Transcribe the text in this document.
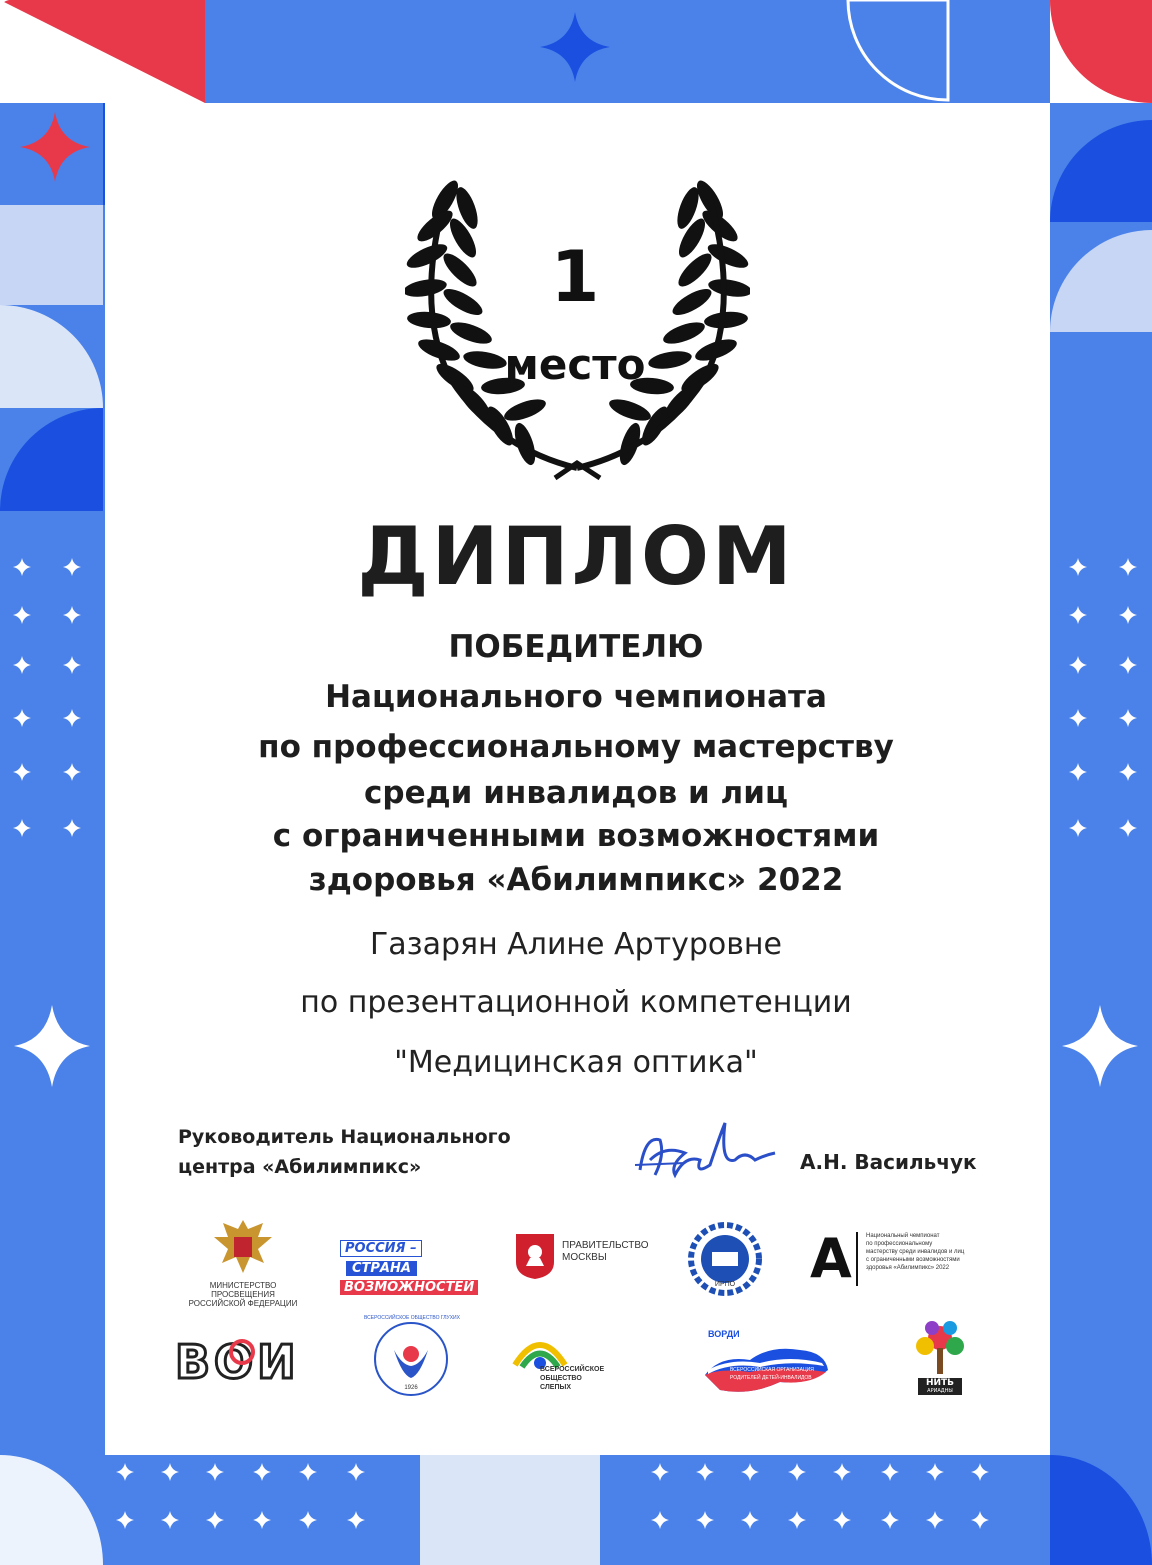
1
место
ДИПЛОМ
ПОБЕДИТЕЛЮ
Национального чемпионата
по профессиональному мастерству
среди инвалидов и лиц
с ограниченными возможностями
здоровья «Абилимпикс» 2022
Газарян Алине Артуровне
по презентационной компетенции
"Медицинская оптика"
Руководитель Национального
центра «Абилимпикс»	А.Н. Васильчук
МИНИСТЕРСТВО ПРОСВЕЩЕНИЯ
РОССИЙСКОЙ ФЕДЕРАЦИИ
РОССИЯ – СТРАНА ВОЗМОЖНОСТЕЙ
ПРАВИТЕЛЬСТВО
МОСКВЫ
ИРПО	A	Национальный чемпионат
по профессиональному
мастерству среди инвалидов и лиц
с ограниченными возможностями
здоровья «Абилимпикс» 2022
ВОИ
ВСЕРОССИЙСКОЕ ОБЩЕСТВО ГЛУХИХ
1926
ВСЕРОССИЙСКОЕ
ОБЩЕСТВО
СЛЕПЫХ
ВОРДИ
ВСЕРОССИЙСКАЯ ОРГАНИЗАЦИЯ
РОДИТЕЛЕЙ ДЕТЕЙ-ИНВАЛИДОВ	НИТЬ
АРИАДНЫ
